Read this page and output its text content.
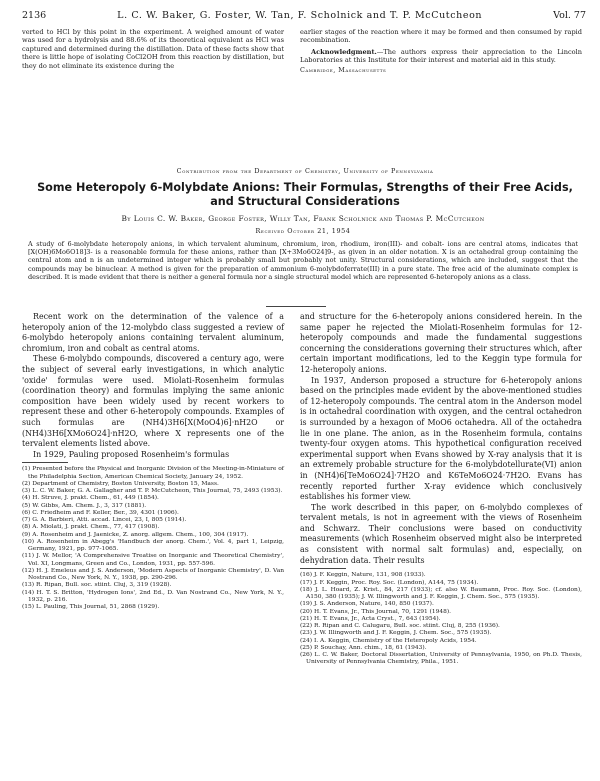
2136	L. C. W. Baker, G. Foster, W. Tan, F. Scholnick and T. P. McCutcheon	Vol. 77

verted to HCl by this point in the experiment. A weighed amount of water was used for a hydrolysis and 88.6% of its theoretical equivalent as HCl was captured and determined during the distillation. Data of these facts show that there is little hope of isolating CoCl2OH from this reaction by distillation, but they do not eliminate its existence during the

earlier stages of the reaction where it may be formed and then consumed by rapid recombination.

Acknowledgment.—The authors express their appreciation to the Lincoln Laboratories at this Institute for their interest and material aid in this study.

Cambridge, Massachusetts

Contribution from the Department of Chemistry, University of Pennsylvania
Some Heteropoly 6-Molybdate Anions: Their Formulas, Strengths of their Free Acids, and Structural Considerations
By Louis C. W. Baker, George Foster, Willy Tan, Frank Scholnick and Thomas P. McCutcheon
Received October 21, 1954
A study of 6-molybdate heteropoly anions, in which tervalent aluminum, chromium, iron, rhodium, iron(III)- and cobalt- ions are central atoms, indicates that [X(OH)6Mo6O18]3- is a reasonable formula for these anions, rather than [X+3Mo6O24]9-, as given in an older notation. X is an octahedral group containing the central atom and n is an undetermined integer which is probably small but probably not unity. Structural considerations, which are included, suggest that the compounds may be binuclear. A method is given for the preparation of ammonium 6-molybdoferrate(III) in a pure state. The free acid of the aluminate complex is described. It is made evident that there is neither a general formula nor a single structural model which are represented 6-heteropoly anions as a class.

Recent work on the determination of the valence of a heteropoly anion of the 12-molybdo class suggested a review of 6-molybdo heteropoly anions containing tervalent aluminum, chromium, iron and cobalt as central atoms.

These 6-molybdo compounds, discovered a century ago, were the subject of several early investigations, in which analytic 'oxide' formulas were used. Miolati-Rosenheim formulas (coordination theory) and formulas implying the same anionic composition have been widely used by recent workers to represent these and other 6-heteropoly compounds. Examples of such formulas are (NH4)3H6[X(MoO4)6]·nH2O or (NH4)3H6[XMo6O24]·nH2O, where X represents one of the tervalent elements listed above.

In 1929, Pauling proposed Rosenheim's formulas

(1) Presented before the Physical and Inorganic Division of the Meeting-in-Miniature of the Philadelphia Section, American Chemical Society, January 24, 1952.

(2) Department of Chemistry, Boston University, Boston 15, Mass.

(3) L. C. W. Baker, G. A. Gallagher and T. P. McCutcheon, This Journal, 75, 2493 (1953).

(4) H. Struve, J. prakt. Chem., 61, 449 (1854).

(5) W. Gibbs, Am. Chem. J., 3, 317 (1881).

(6) C. Friedheim and F. Keller, Ber., 39, 4301 (1906).

(7) G. A. Barbieri, Atti. accad. Lincei, 23, I, 805 (1914).

(8) A. Miolati, J. prakt. Chem., 77, 417 (1908).

(9) A. Rosenheim and J. Jaenicke, Z. anorg. allgem. Chem., 100, 304 (1917).

(10) A. Rosenheim in Abegg's 'Handbuch der anorg. Chem.', Vol. 4, part 1, Leipzig, Germany, 1921, pp. 977-1065.

(11) J. W. Mellor, 'A Comprehensive Treatise on Inorganic and Theoretical Chemistry', Vol. XI, Longmans, Green and Co., London, 1931, pp. 557-596.

(12) H. J. Emeleus and J. S. Anderson, 'Modern Aspects of Inorganic Chemistry', D. Van Nostrand Co., New York, N. Y., 1938, pp. 290-296.

(13) R. Ripan, Bull. soc. stiint. Cluj, 3, 319 (1928).

(14) H. T. S. Britton, 'Hydrogen Ions', 2nd Ed., D. Van Nostrand Co., New York, N. Y., 1932, p. 216.

(15) L. Pauling, This Journal, 51, 2868 (1929).

and structure for the 6-heteropoly anions considered herein. In the same paper he rejected the Miolati-Rosenheim formulas for 12-heteropoly compounds and made the fundamental suggestions concerning the considerations governing their structures which, after certain important modifications, led to the Keggin type formula for 12-heteropoly anions.

In 1937, Anderson proposed a structure for 6-heteropoly anions based on the principles made evident by the above-mentioned studies of 12-heteropoly compounds. The central atom in the Anderson model is in octahedral coordination with oxygen, and the central octahedron is surrounded by a hexagon of MoO6 octahedra. All of the octahedra lie in one plane. The anion, as in the Rosenheim formula, contains twenty-four oxygen atoms. This hypothetical configuration received experimental support when Evans showed by X-ray analysis that it is an extremely probable structure for the 6-molybdotellurate(VI) anion in (NH4)6[TeMo6O24]·7H2O and K6TeMo6O24·7H2O. Evans has recently reported further X-ray evidence which conclusively establishes his former view.

The work described in this paper, on 6-molybdo complexes of tervalent metals, is not in agreement with the views of Rosenheim and Schwarz. Their conclusions were based on conductivity measurements (which Rosenheim observed might also be interpreted as consistent with normal salt formulas) and, especially, on dehydration data. Their results

(16) J. F. Keggin, Nature, 131, 908 (1933).

(17) J. F. Keggin, Proc. Roy. Soc. (London), A144, 75 (1934).

(18) J. L. Hoard, Z. Krist., 84, 217 (1933); cf. also W. Baumann, Proc. Roy. Soc. (London), A150, 380 (1935); J. W. Illingworth and J. F. Keggin, J. Chem. Soc., 575 (1935).

(19) J. S. Anderson, Nature, 140, 850 (1937).

(20) H. T. Evans, Jr., This Journal, 70, 1291 (1948).

(21) H. T. Evans, Jr., Acta Cryst., 7, 643 (1954).

(22) R. Ripan and C. Calugaru, Bull. soc. stiint. Cluj, 8, 255 (1936).

(23) J. W. Illingworth and J. F. Keggin, J. Chem. Soc., 575 (1935).

(24) I. A. Keggin, Chemistry of the Heteropoly Acids, 1954.

(25) P. Souchay, Ann. chim., 18, 61 (1943).

(26) L. C. W. Baker, Doctoral Dissertation, University of Pennsylvania, 1950, on Ph.D. Thesis, University of Pennsylvania Chemistry, Phila., 1951.
